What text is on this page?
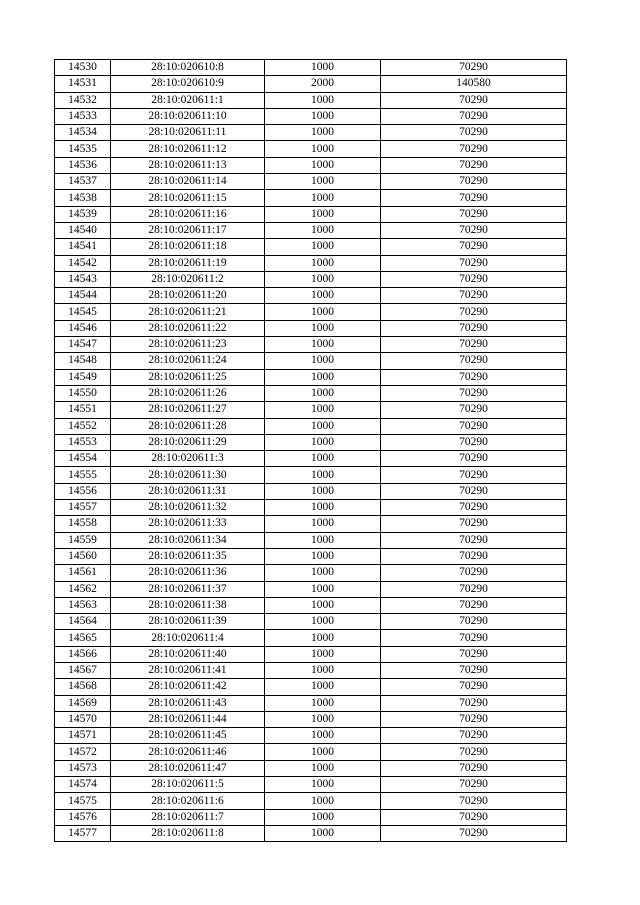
14530	28:10:020610:8	1000	70290
14531	28:10:020610:9	2000	140580
14532	28:10:020611:1	1000	70290
14533	28:10:020611:10	1000	70290
14534	28:10:020611:11	1000	70290
14535	28:10:020611:12	1000	70290
14536	28:10:020611:13	1000	70290
14537	28:10:020611:14	1000	70290
14538	28:10:020611:15	1000	70290
14539	28:10:020611:16	1000	70290
14540	28:10:020611:17	1000	70290
14541	28:10:020611:18	1000	70290
14542	28:10:020611:19	1000	70290
14543	28:10:020611:2	1000	70290
14544	28:10:020611:20	1000	70290
14545	28:10:020611:21	1000	70290
14546	28:10:020611:22	1000	70290
14547	28:10:020611:23	1000	70290
14548	28:10:020611:24	1000	70290
14549	28:10:020611:25	1000	70290
14550	28:10:020611:26	1000	70290
14551	28:10:020611:27	1000	70290
14552	28:10:020611:28	1000	70290
14553	28:10:020611:29	1000	70290
14554	28:10:020611:3	1000	70290
14555	28:10:020611:30	1000	70290
14556	28:10:020611:31	1000	70290
14557	28:10:020611:32	1000	70290
14558	28:10:020611:33	1000	70290
14559	28:10:020611:34	1000	70290
14560	28:10:020611:35	1000	70290
14561	28:10:020611:36	1000	70290
14562	28:10:020611:37	1000	70290
14563	28:10:020611:38	1000	70290
14564	28:10:020611:39	1000	70290
14565	28:10:020611:4	1000	70290
14566	28:10:020611:40	1000	70290
14567	28:10:020611:41	1000	70290
14568	28:10:020611:42	1000	70290
14569	28:10:020611:43	1000	70290
14570	28:10:020611:44	1000	70290
14571	28:10:020611:45	1000	70290
14572	28:10:020611:46	1000	70290
14573	28:10:020611:47	1000	70290
14574	28:10:020611:5	1000	70290
14575	28:10:020611:6	1000	70290
14576	28:10:020611:7	1000	70290
14577	28:10:020611:8	1000	70290
